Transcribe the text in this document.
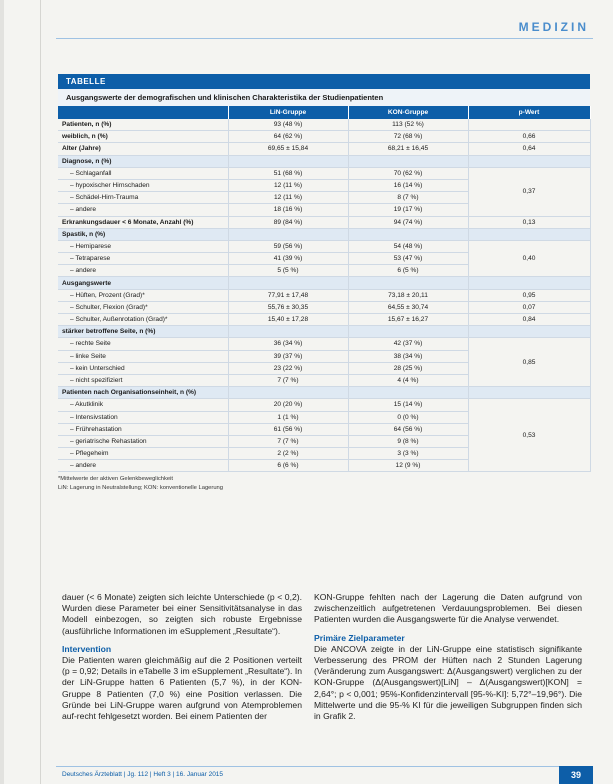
MEDIZIN
TABELLE
Ausgangswerte der demografischen und klinischen Charakteristika der Studienpatienten
	LiN-Gruppe	KON-Gruppe	p-Wert
Patienten, n (%)	93 (48 %)	113 (52 %)	
weiblich, n (%)	64 (62 %)	72 (68 %)	0,66
Alter (Jahre)	69,65 ± 15,84	68,21 ± 16,45	0,64
Diagnose, n (%)			
– Schlaganfall	51 (68 %)	70 (62 %)	0,37
– hypoxischer Hirnschaden	12 (11 %)	16 (14 %)	
– Schädel-Hirn-Trauma	12 (11 %)	8 (7 %)	
– andere	18 (16 %)	19 (17 %)	
Erkrankungsdauer < 6 Monate, Anzahl (%)	89 (84 %)	94 (74 %)	0,13
Spastik, n (%)			
– Hemiparese	59 (56 %)	54 (48 %)	0,40
– Tetraparese	41 (39 %)	53 (47 %)	
– andere	5 (5 %)	6 (5 %)	
Ausgangswerte			
– Hüften, Prozent (Grad)*	77,91 ± 17,48	73,18 ± 20,11	0,95
– Schulter, Flexion (Grad)*	55,76 ± 30,35	64,55 ± 30,74	0,07
– Schulter, Außenrotation (Grad)*	15,40 ± 17,28	15,67 ± 16,27	0,84
stärker betroffene Seite, n (%)			
– rechte Seite	36 (34 %)	42 (37 %)	0,85
– linke Seite	39 (37 %)	38 (34 %)	
– kein Unterschied	23 (22 %)	28 (25 %)	
– nicht spezifiziert	7 (7 %)	4 (4 %)	
Patienten nach Organisationseinheit, n (%)			
– Akutklinik	20 (20 %)	15 (14 %)	0,53
– Intensivstation	1 (1 %)	0 (0 %)	
– Frührehastation	61 (56 %)	64 (56 %)	
– geriatrische Rehastation	7 (7 %)	9 (8 %)	
– Pflegeheim	2 (2 %)	3 (3 %)	
– andere	6 (6 %)	12 (9 %)	
*Mittelwerte der aktiven Gelenkbeweglichkeit
LiN: Lagerung in Neutralstellung; KON: konventionelle Lagerung

dauer (< 6 Monate) zeigten sich leichte Unterschiede (p < 0,2). Wurden diese Parameter bei einer Sensitivitätsanalyse in das Modell einbezogen, so zeigten sich robuste Ergebnisse (ausführliche Informationen im eSupplement „Resultate“).

Intervention

Die Patienten waren gleichmäßig auf die 2 Positionen verteilt (p = 0,92; Details in eTabelle 3 im eSupplement „Resultate“). In der LiN-Gruppe hatten 6 Patienten (5,7 %), in der KON-Gruppe 8 Patienten (7,0 %) eine Position verlassen. Die Gründe bei LiN-Gruppe waren aufgrund von Atemproblemen auf-recht fehlgesetzt worden. Bei einem Patienten der

KON-Gruppe fehlten nach der Lagerung die Daten aufgrund von zwischenzeitlich aufgetretenen Verdauungsproblemen. Bei diesen Patienten wurden die Ausgangswerte für die Analyse verwendet.

Primäre Zielparameter

Die ANCOVA zeigte in der LiN-Gruppe eine statistisch signifikante Verbesserung des PROM der Hüften nach 2 Stunden Lagerung (Veränderung zum Ausgangswert: Δ(Ausgangswert) verglichen zu der KON-Gruppe (Δ(Ausgangswert)[LiN] – Δ(Ausgangswert)[KON] = 2,64°; p < 0,001; 95%-Konfidenzintervall [95-%-KI]: 5,72°–19,96°). Die Mittelwerte und die 95-% KI für die jeweiligen Subgruppen finden sich in Grafik 2.

Deutsches Ärzteblatt | Jg. 112 | Heft 3 | 16. Januar 2015	39
